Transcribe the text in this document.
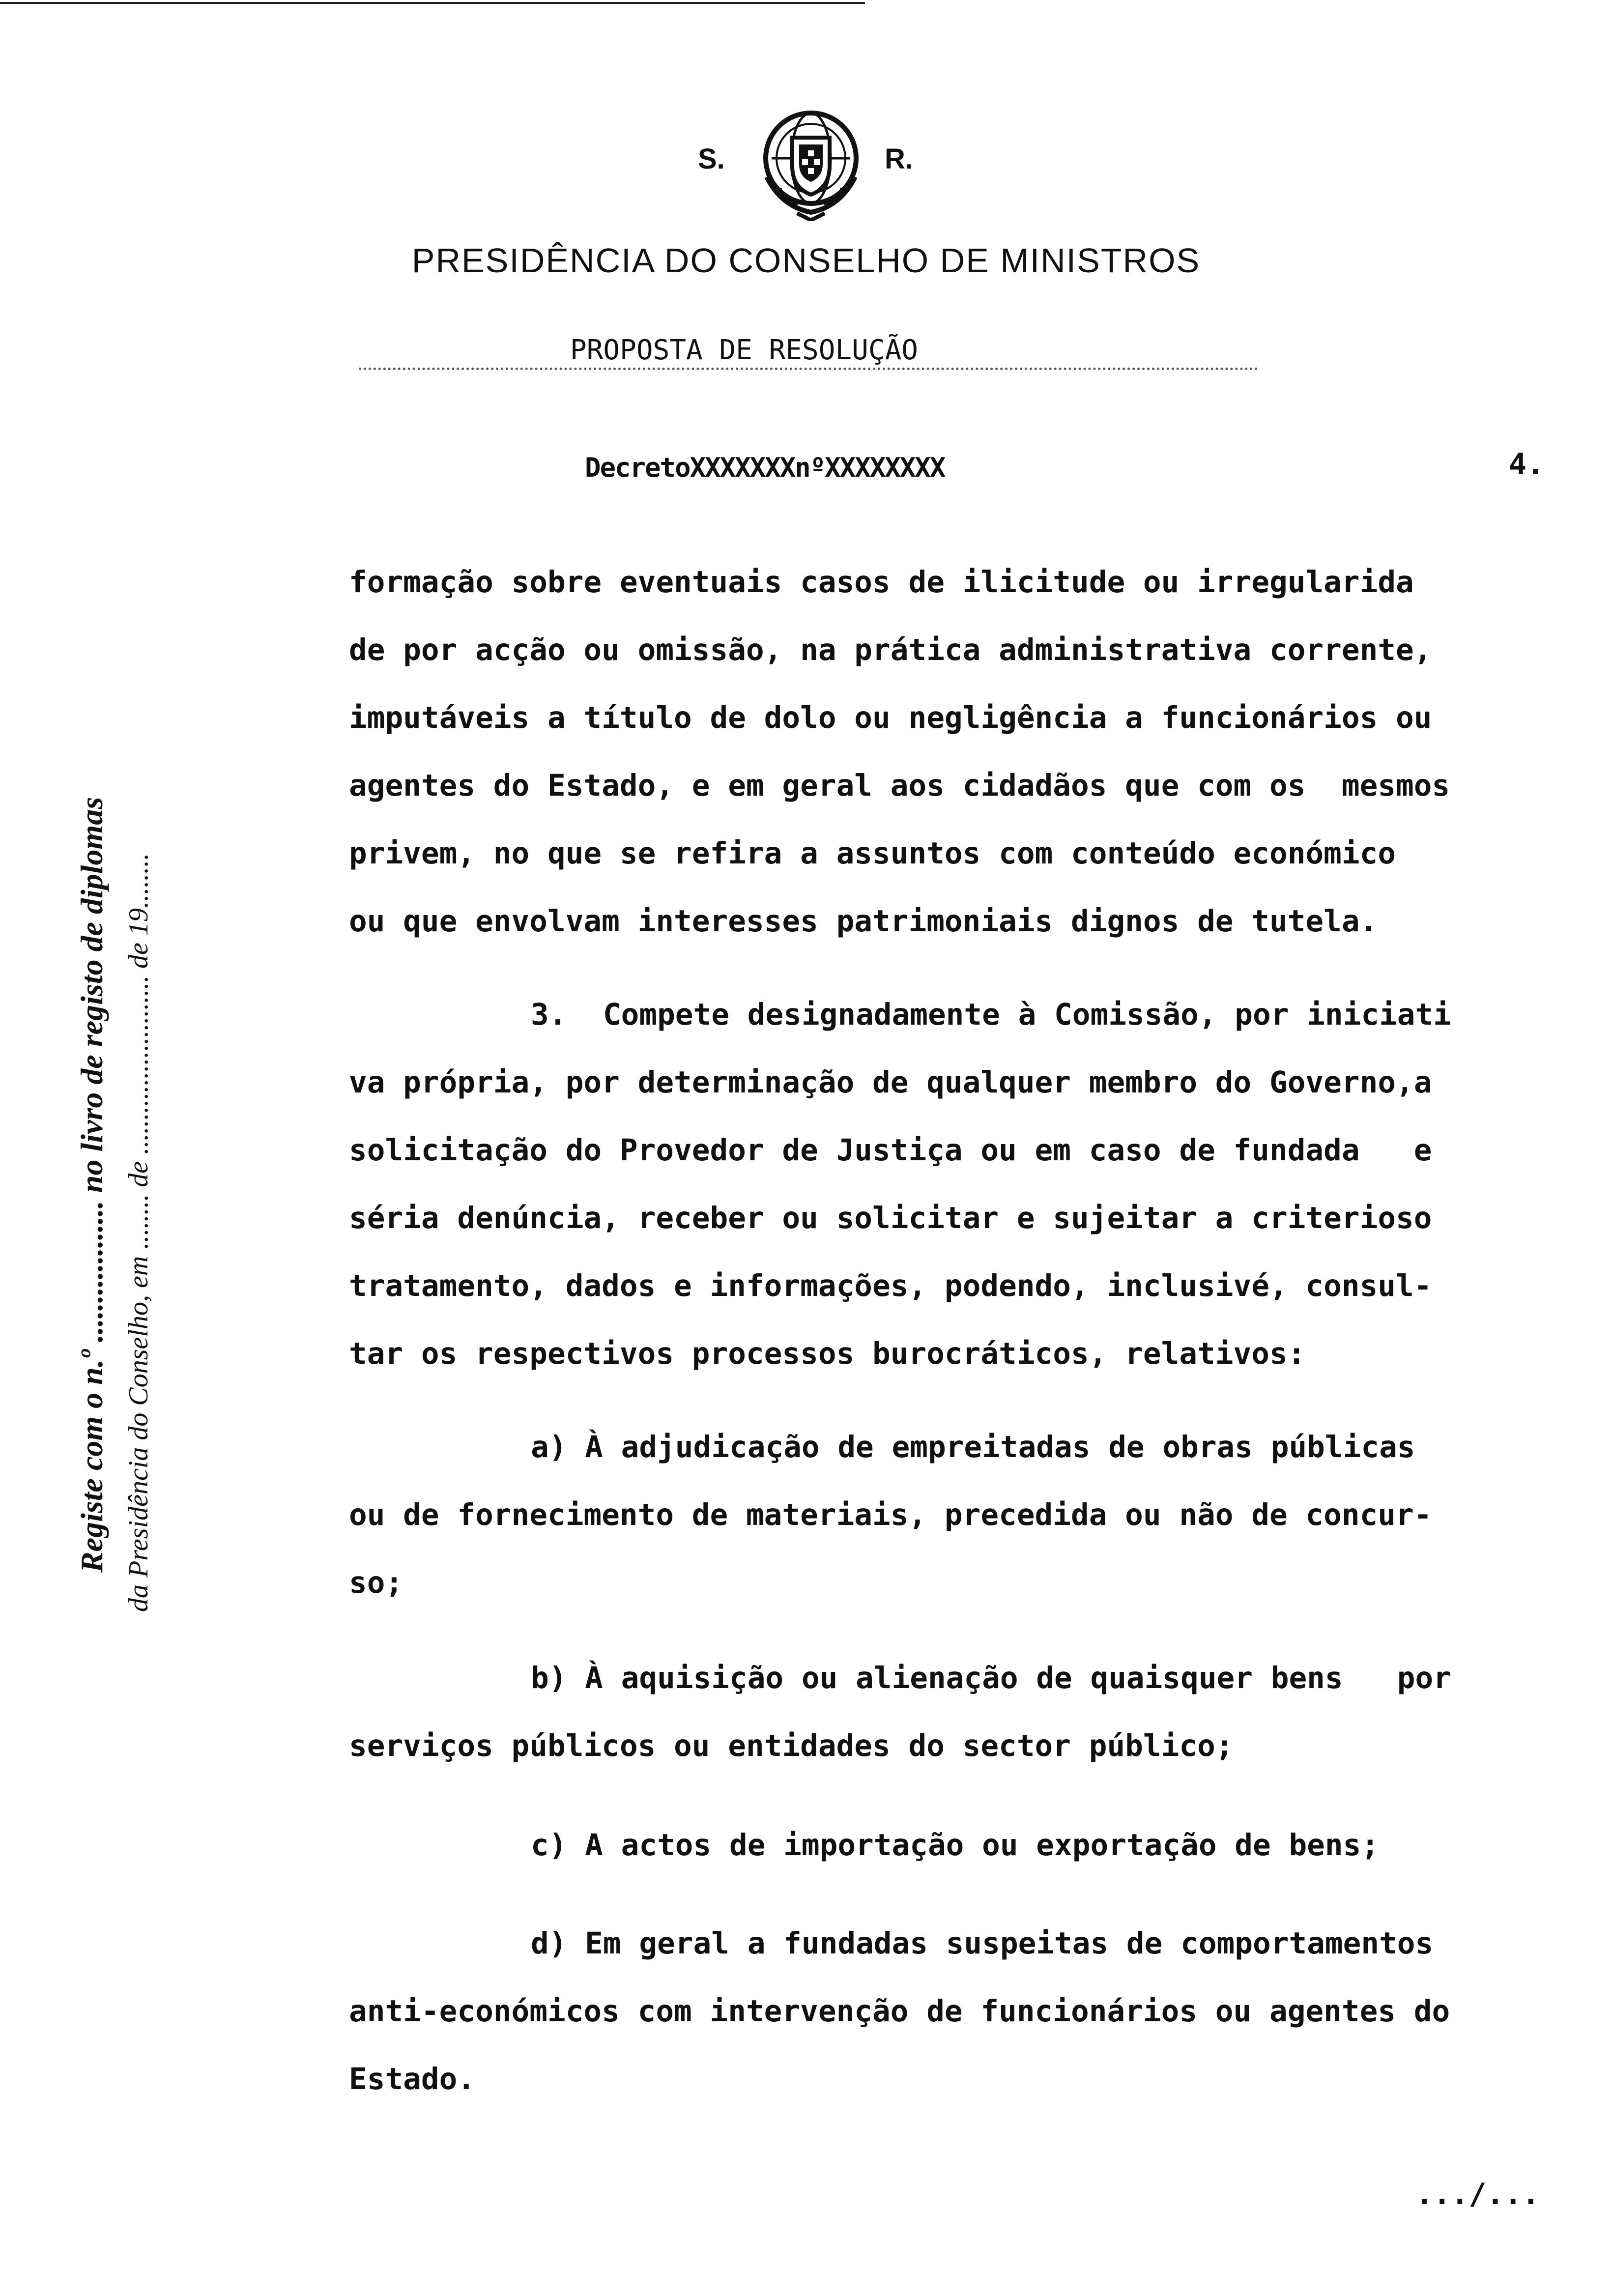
S.	R.
PRESIDÊNCIA DO CONSELHO DE MINISTROS
PROPOSTA DE RESOLUÇÃO
DecretoXXXXXXXnºXXXXXXXX	4.
Registe com o n.º .................. no livro de registo de diplomas da Presidência do Conselho, em ........ de .......................... de 19........
formação sobre eventuais casos de ilicitude ou irregularida
de por acção ou omissão, na prática administrativa corrente,
imputáveis a título de dolo ou negligência a funcionários ou
agentes do Estado, e em geral aos cidadãos que com os  mesmos
privem, no que se refira a assuntos com conteúdo económico
ou que envolvam interesses patrimoniais dignos de tutela.
3.  Compete designadamente à Comissão, por iniciati
va própria, por determinação de qualquer membro do Governo,a
solicitação do Provedor de Justiça ou em caso de fundada   e
séria denúncia, receber ou solicitar e sujeitar a criterioso
tratamento, dados e informações, podendo, inclusivé, consul-
tar os respectivos processos burocráticos, relativos:
a) À adjudicação de empreitadas de obras públicas
ou de fornecimento de materiais, precedida ou não de concur-
so;
b) À aquisição ou alienação de quaisquer bens   por
serviços públicos ou entidades do sector público;
c) A actos de importação ou exportação de bens;
d) Em geral a fundadas suspeitas de comportamentos
anti-económicos com intervenção de funcionários ou agentes do
Estado.
.../...
